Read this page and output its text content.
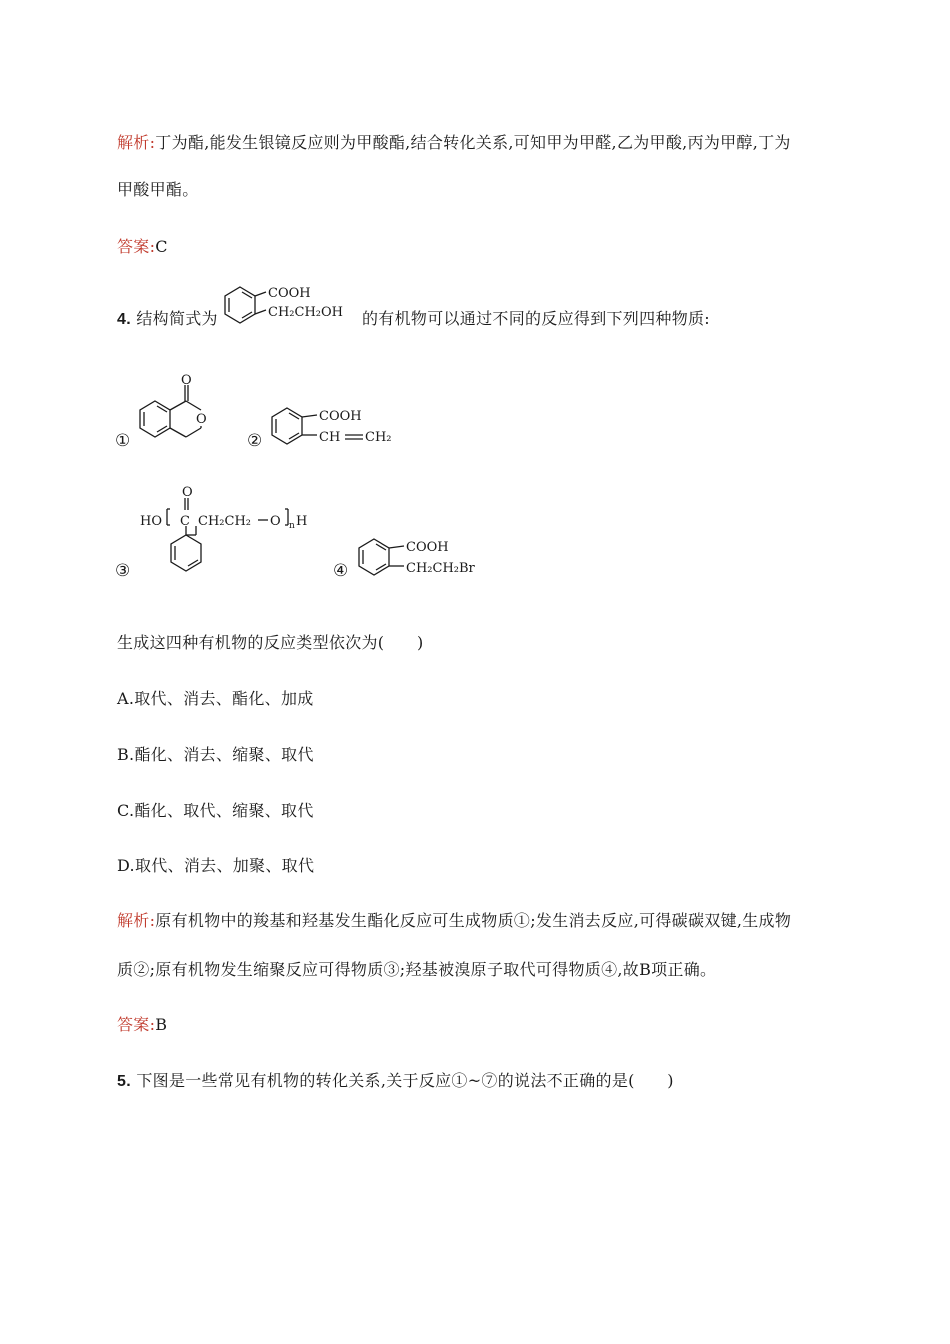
解析:丁为酯,能发生银镜反应则为甲酸酯,结合转化关系,可知甲为甲醛,乙为甲酸,丙为甲醇,丁为
甲酸甲酯。
答案:C
4. 结构简式为
COOH
CH₂CH₂OH 的有机物可以通过不同的反应得到下列四种物质:
①
O
O
②
COOH
CH CH₂
③
O
HO C CH₂CH₂ O n H
④
COOH
CH₂CH₂Br
生成这四种有机物的反应类型依次为(　　)
A.取代、消去、酯化、加成
B.酯化、消去、缩聚、取代
C.酯化、取代、缩聚、取代
D.取代、消去、加聚、取代
解析:原有机物中的羧基和羟基发生酯化反应可生成物质①;发生消去反应,可得碳碳双键,生成物
质②;原有机物发生缩聚反应可得物质③;羟基被溴原子取代可得物质④,故B项正确。
答案:B
5. 下图是一些常见有机物的转化关系,关于反应①~⑦的说法不正确的是(　　)
